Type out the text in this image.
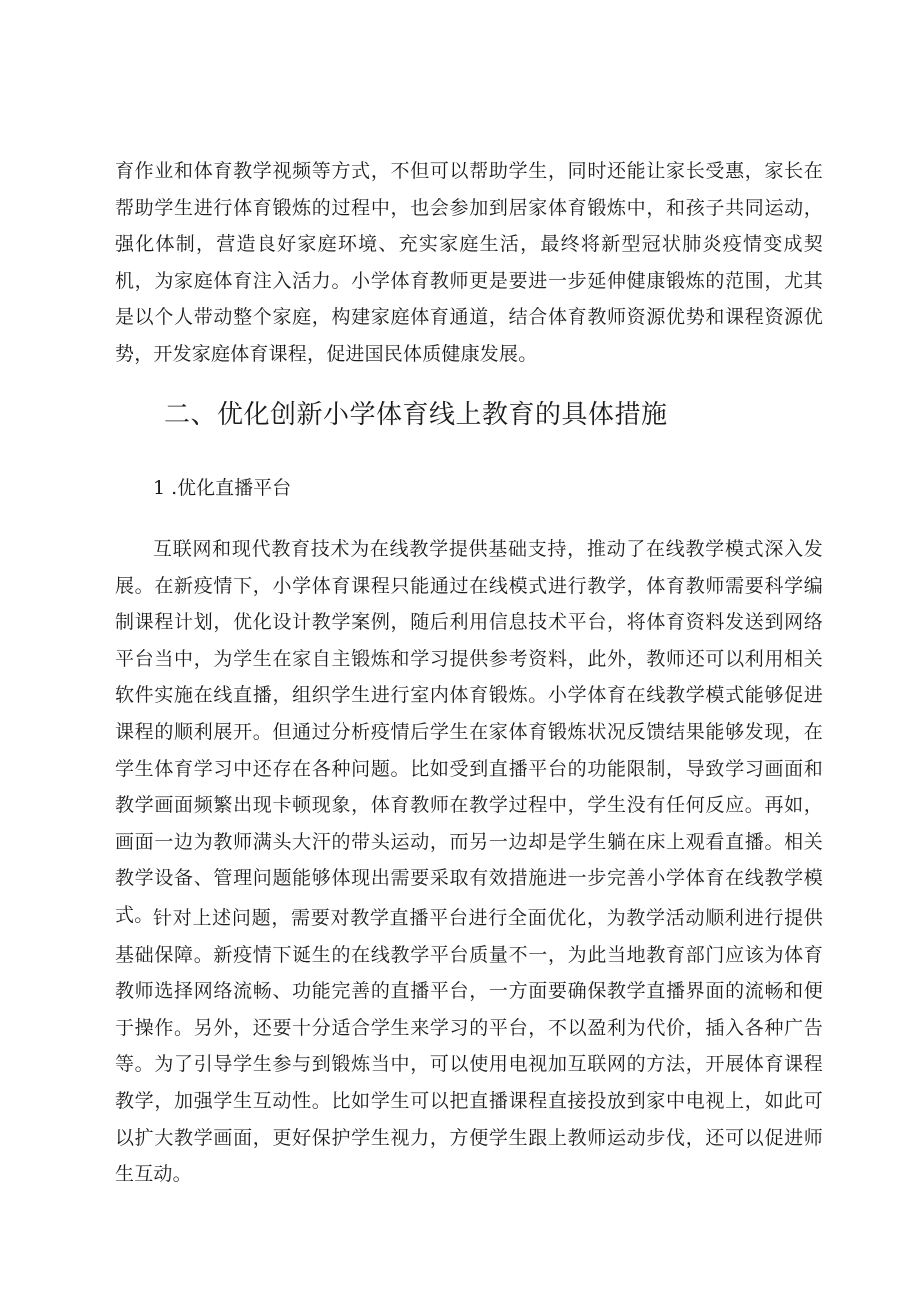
育作业和体育教学视频等方式，不但可以帮助学生，同时还能让家长受惠，家长在帮助学生进行体育锻炼的过程中，也会参加到居家体育锻炼中，和孩子共同运动，强化体制，营造良好家庭环境、充实家庭生活，最终将新型冠状肺炎疫情变成契机，为家庭体育注入活力。小学体育教师更是要进一步延伸健康锻炼的范围，尤其是以个人带动整个家庭，构建家庭体育通道，结合体育教师资源优势和课程资源优势，开发家庭体育课程，促进国民体质健康发展。

二、优化创新小学体育线上教育的具体措施
1 .优化直播平台

互联网和现代教育技术为在线教学提供基础支持，推动了在线教学模式深入发展。在新疫情下，小学体育课程只能通过在线模式进行教学，体育教师需要科学编制课程计划，优化设计教学案例，随后利用信息技术平台，将体育资料发送到网络平台当中，为学生在家自主锻炼和学习提供参考资料，此外，教师还可以利用相关软件实施在线直播，组织学生进行室内体育锻炼。小学体育在线教学模式能够促进课程的顺利展开。但通过分析疫情后学生在家体育锻炼状况反馈结果能够发现，在学生体育学习中还存在各种问题。比如受到直播平台的功能限制，导致学习画面和教学画面频繁出现卡顿现象，体育教师在教学过程中，学生没有任何反应。再如，画面一边为教师满头大汗的带头运动，而另一边却是学生躺在床上观看直播。相关教学设备、管理问题能够体现出需要采取有效措施进一步完善小学体育在线教学模式。 针对上述问题，需要对教学直播平台进行全面优化，为教学活动顺利进行提供基础保障。新疫情下诞生的在线教学平台质量不一，为此当地教育部门应该为体育教师选择网络流畅、功能完善的直播平台，一方面要确保教学直播界面的流畅和便于操作。另外，还要十分适合学生来学习的平台，不以盈利为代价，插入各种广告等。为了引导学生参与到锻炼当中，可以使用电视加互联网的方法，开展体育课程教学，加强学生互动性。比如学生可以把直播课程直接投放到家中电视上，如此可以扩大教学画面，更好保护学生视力，方便学生跟上教师运动步伐，还可以促进师生互动。
